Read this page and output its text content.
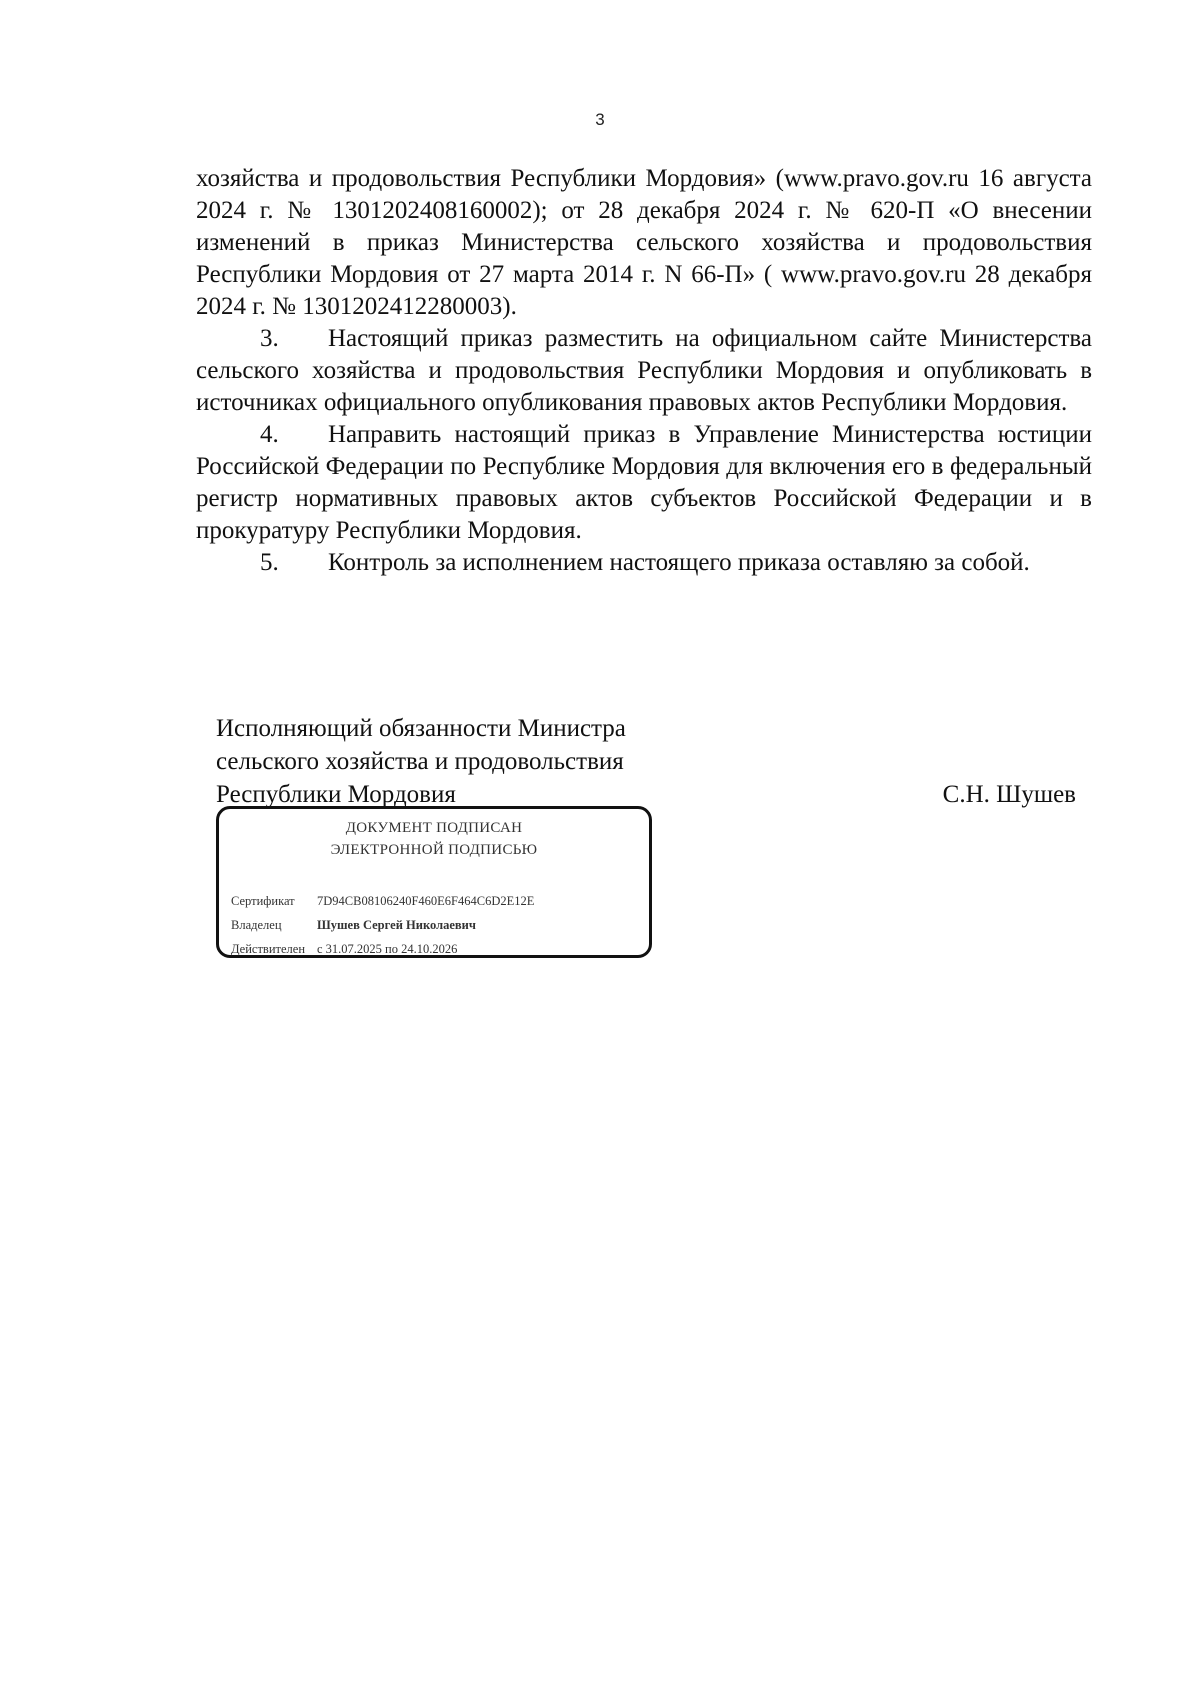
3

хозяйства и продовольствия Республики Мордовия» (www.pravo.gov.ru 16 августа 2024 г. № 1301202408160002); от 28 декабря 2024 г. № 620-П «О внесении изменений в приказ Министерства сельского хозяйства и продовольствия Республики Мордовия от 27 марта 2014 г. N 66-П» ( www.pravo.gov.ru 28 декабря 2024 г. № 1301202412280003).

3. Настоящий приказ разместить на официальном сайте Министерства сельского хозяйства и продовольствия Республики Мордовия и опубликовать в источниках официального опубликования правовых актов Республики Мордовия.

4. Направить настоящий приказ в Управление Министерства юстиции Российской Федерации по Республике Мордовия для включения его в федеральный регистр нормативных правовых актов субъектов Российской Федерации и в прокуратуру Республики Мордовия.

5. Контроль за исполнением настоящего приказа оставляю за собой.

Исполняющий обязанности Министра
сельского хозяйства и продовольствия
Республики Мордовия	С.Н. Шушев
ДОКУМЕНТ ПОДПИСАН
ЭЛЕКТРОННОЙ ПОДПИСЬЮ
Сертификат 7D94CB08106240F460E6F464C6D2E12E
Владелец	Шушев Сергей Николаевич
Действителен с 31.07.2025 по 24.10.2026
